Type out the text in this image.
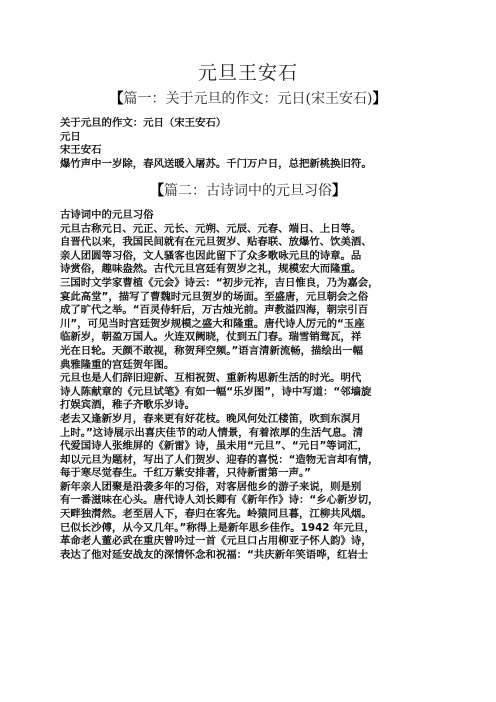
元旦王安石
【篇一：关于元旦的作文：元日(宋王安石)】
关于元旦的作文：元日（宋王安石）
元日
宋王安石
爆竹声中一岁除，春风送暖入屠苏。千门万户日，总把新桃换旧符。
【篇二：古诗词中的元旦习俗】
古诗词中的元旦习俗
元旦古称元日、元正、元长、元朔、元辰、元春、端日、上日等。
自晋代以来，我国民间就有在元旦贺岁、贴春联、放爆竹、饮美酒、
亲人团圆等习俗，文人骚客也因此留下了众多歌咏元旦的诗章。品
诗赏俗，趣味盎然。古代元旦宫廷有贺岁之礼，规模宏大而隆重。
三国时文学家曹植《元会》诗云：“初步元祚，吉日惟良，乃为嘉会，
宴此高堂”，描写了曹魏时元旦贺岁的场面。至盛唐，元旦朝会之俗
成了旷代之举。“百灵侍轩后，万古烛光前。声教溢四海，朝宗引百
川”，可见当时宫廷贺岁规模之盛大和隆重。唐代诗人厉元的“玉座
临新岁，朝盈万国人。火连双阙晓，仗到五门春。瑞雪销鸳瓦，祥
光在日轮。天颜不敢视，称贺拜空频。”语言清新流畅，描绘出一幅
典雅隆重的宫廷贺年图。
元旦也是人们辞旧迎新、互相祝贺、重新构思新生活的时光。明代
诗人陈献章的《元旦试笔》有如一幅“乐岁图”，诗中写道：“邻墙旋
打娱宾酒，稚子齐歌乐岁诗。
老去又逢新岁月，春来更有好花枝。晚风何处江楼笛，吹到东溟月
上时。”这诗展示出喜庆佳节的动人情景，有着浓厚的生活气息。清
代爱国诗人张维屏的《新雷》诗，虽未用“元旦”、“元日”等词汇，
却以元旦为题材，写出了人们贺岁、迎春的喜悦：“造物无言却有情，
每于寒尽觉春生。千红万紫安排著，只待新雷第一声。”
新年亲人团聚是沿袭多年的习俗，对客居他乡的游子来说，则是别
有一番滋味在心头。唐代诗人刘长卿有《新年作》诗：“乡心新岁切，
天畔独潸然。老至居人下，春归在客先。岭猿同旦暮，江柳共风烟。
已似长沙傅，从今又几年。”称得上是新年思乡佳作。1942 年元旦，
革命老人董必武在重庆曾吟过一首《元旦口占用柳亚子怀人韵》诗，
表达了他对延安战友的深情怀念和祝福：“共庆新年笑语哗，红岩士
